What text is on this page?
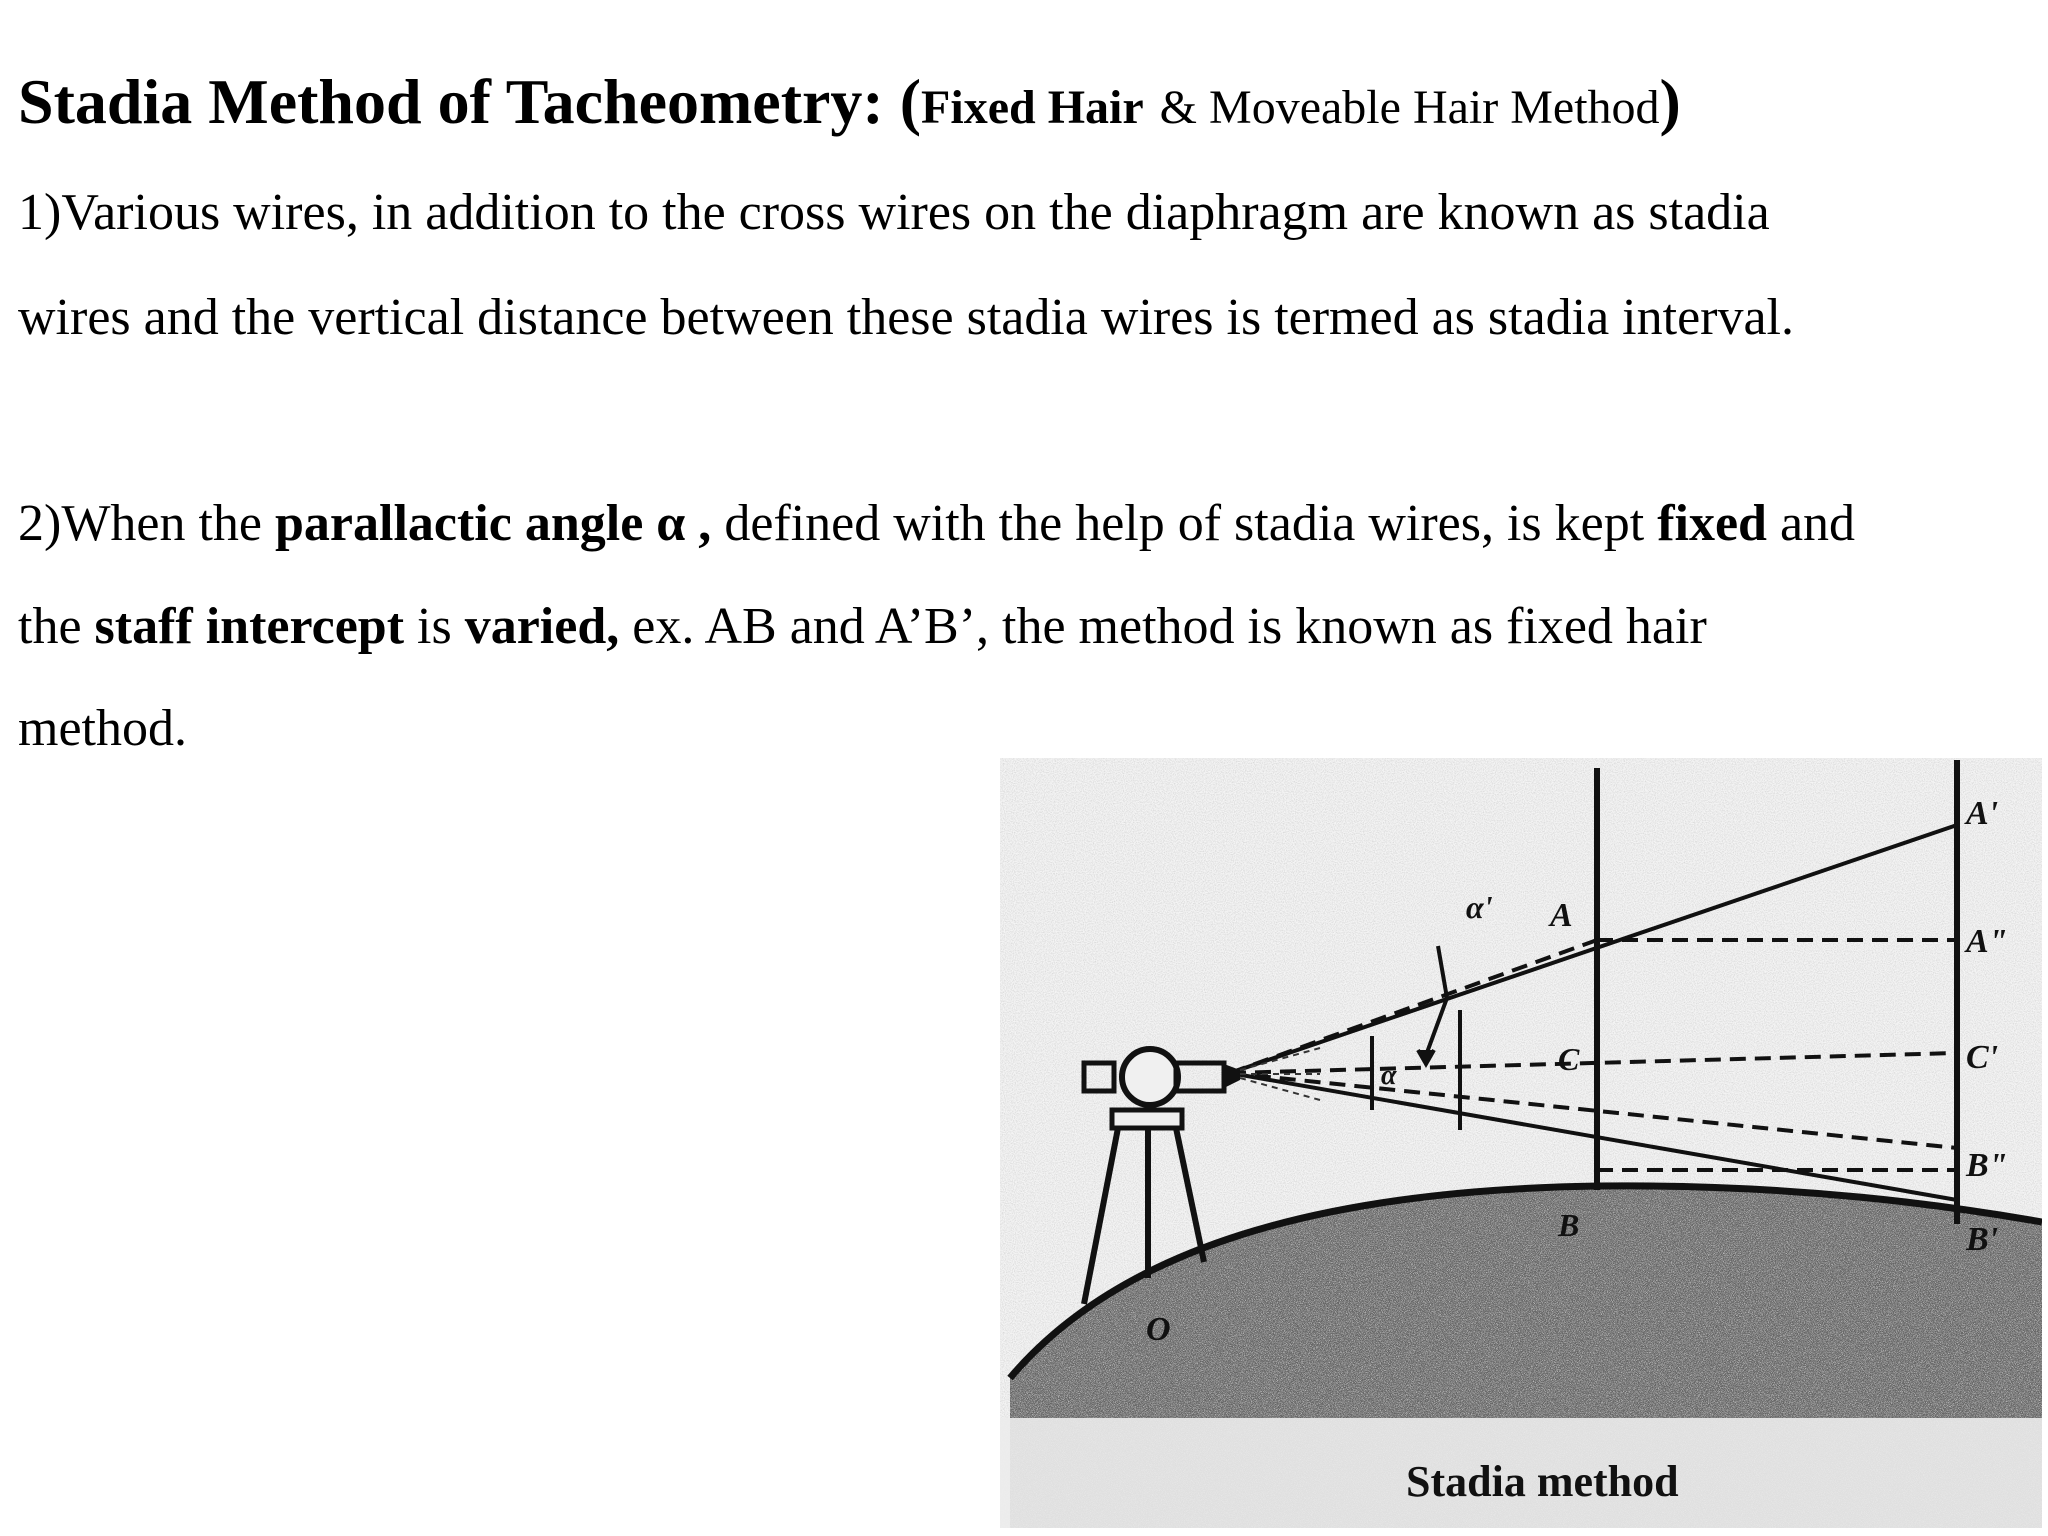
Stadia Method of Tacheometry: (Fixed Hair & Moveable Hair Method)

1)Various wires, in addition to the cross wires on the diaphragm are known as stadia

wires and the vertical distance between these stadia wires is termed as stadia interval.

2)When the parallactic angle α , defined with the help of stadia wires, is kept fixed and

the staff intercept is varied, ex. AB and A’B’, the method is known as fixed hair

method.

α' A
α	C
B
A'
A"
C'
B"
B'
O
Stadia method
